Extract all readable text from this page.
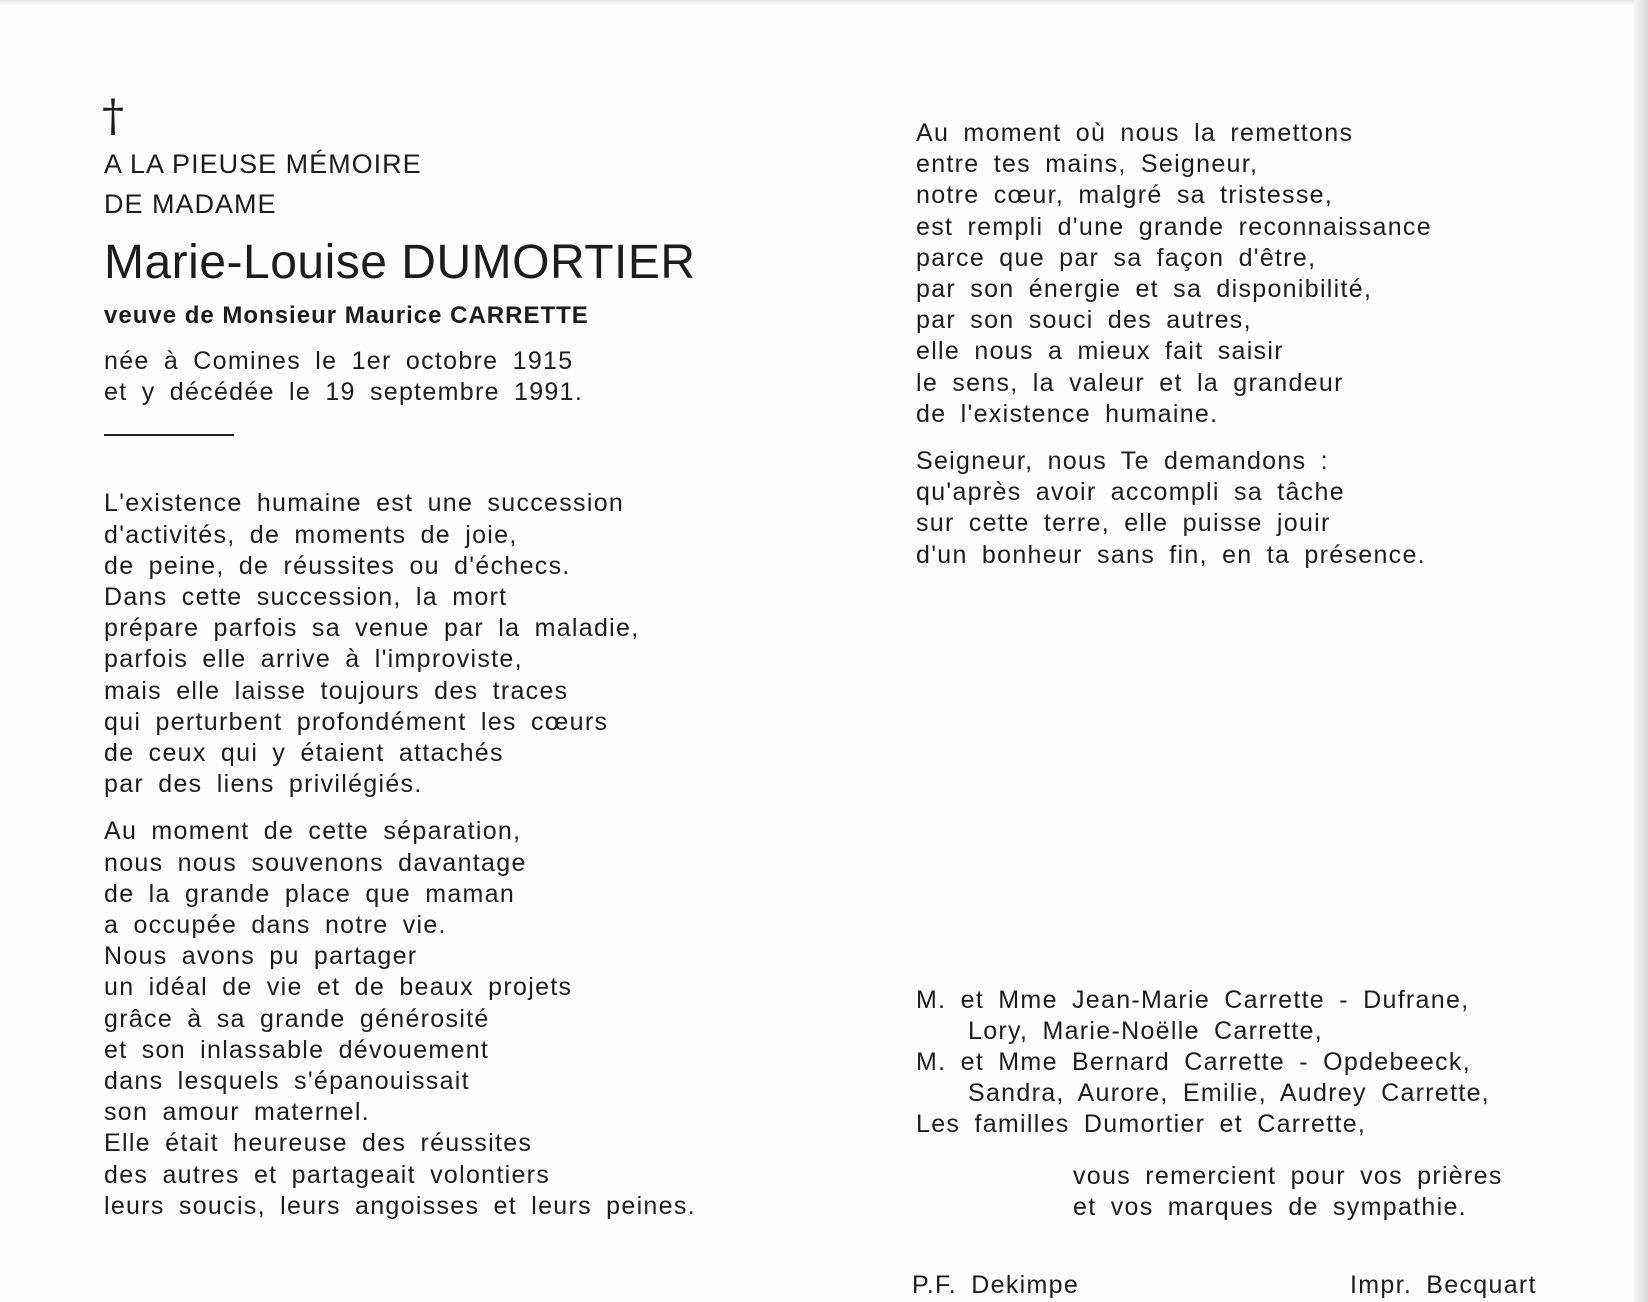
†
A LA PIEUSE MÉMOIRE
DE MADAME
Marie-Louise DUMORTIER
veuve de Monsieur Maurice CARRETTE
née à Comines le 1er octobre 1915
et y décédée le 19 septembre 1991.
L'existence humaine est une succession
d'activités, de moments de joie,
de peine, de réussites ou d'échecs.
Dans cette succession, la mort
prépare parfois sa venue par la maladie,
parfois elle arrive à l'improviste,
mais elle laisse toujours des traces
qui perturbent profondément les cœurs
de ceux qui y étaient attachés
par des liens privilégiés.
Au moment de cette séparation,
nous nous souvenons davantage
de la grande place que maman
a occupée dans notre vie.
Nous avons pu partager
un idéal de vie et de beaux projets
grâce à sa grande générosité
et son inlassable dévouement
dans lesquels s'épanouissait
son amour maternel.
Elle était heureuse des réussites
des autres et partageait volontiers
leurs soucis, leurs angoisses et leurs peines.
Au moment où nous la remettons
entre tes mains, Seigneur,
notre cœur, malgré sa tristesse,
est rempli d'une grande reconnaissance
parce que par sa façon d'être,
par son énergie et sa disponibilité,
par son souci des autres,
elle nous a mieux fait saisir
le sens, la valeur et la grandeur
de l'existence humaine.
Seigneur, nous Te demandons :
qu'après avoir accompli sa tâche
sur cette terre, elle puisse jouir
d'un bonheur sans fin, en ta présence.
M. et Mme Jean-Marie Carrette - Dufrane,
Lory, Marie-Noëlle Carrette,
M. et Mme Bernard Carrette - Opdebeeck,
Sandra, Aurore, Emilie, Audrey Carrette,
Les familles Dumortier et Carrette,
vous remercient pour vos prières
et vos marques de sympathie.
P.F. Dekimpe	Impr. Becquart
